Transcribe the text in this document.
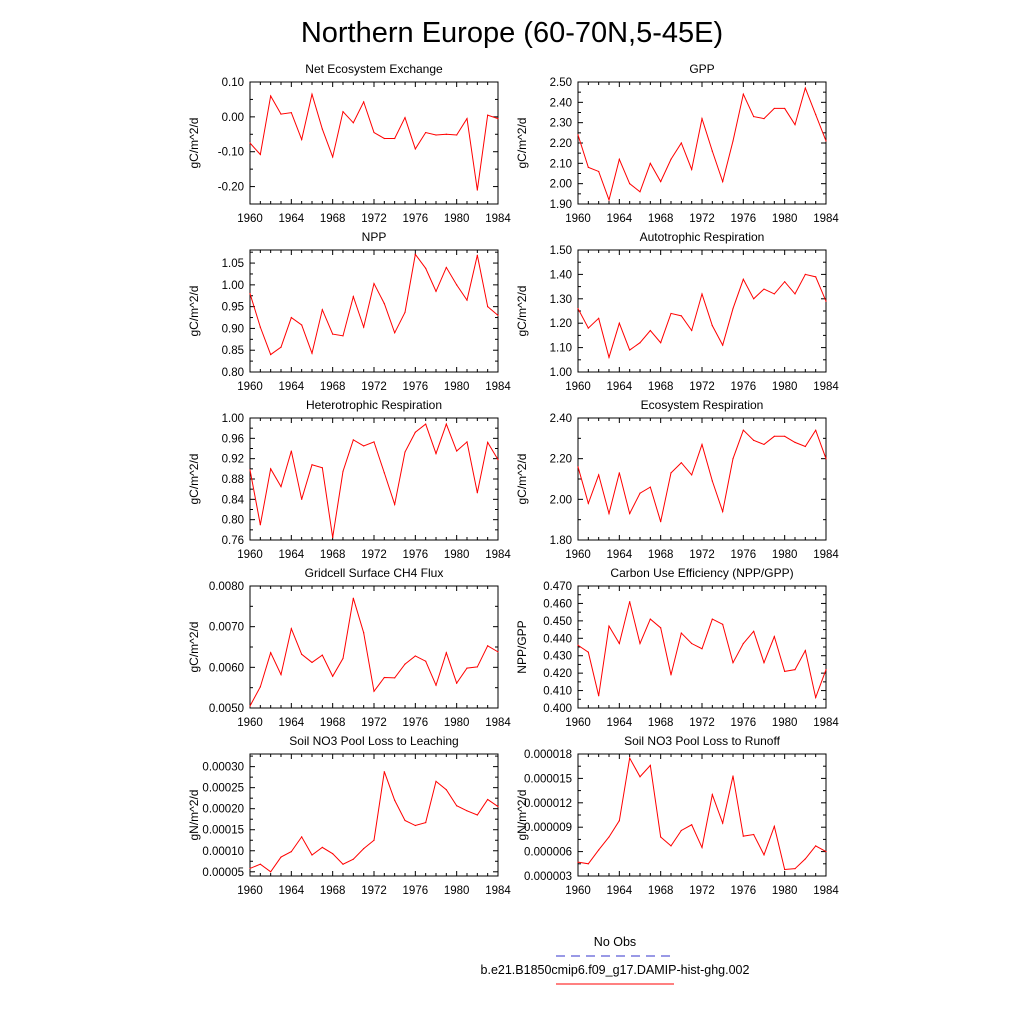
Northern Europe (60-70N,5-45E)
Net Ecosystem Exchange
1960 1964 1968 1972 1976 1980 1984
0.10
0.00
-0.10
-0.20
gC/m^2/d
GPP
1960 1964 1968 1972 1976 1980 1984
2.50
2.40
2.30
2.20
2.10
2.00
1.90
gC/m^2/d
NPP
1960 1964 1968 1972 1976 1980 1984
1.05
1.00
0.95
0.90
0.85
0.80
gC/m^2/d
Autotrophic Respiration
1960 1964 1968 1972 1976 1980 1984
1.50
1.40
1.30
1.20
1.10
1.00
gC/m^2/d
Heterotrophic Respiration
1960 1964 1968 1972 1976 1980 1984
1.00
0.96
0.92
0.88
0.84
0.80
0.76
gC/m^2/d
Ecosystem Respiration
1960 1964 1968 1972 1976 1980 1984
2.40
2.20
2.00
1.80
gC/m^2/d
Gridcell Surface CH4 Flux
1960 1964 1968 1972 1976 1980 1984
0.0080
0.0070
0.0060
0.0050
gC/m^2/d
Carbon Use Efficiency (NPP/GPP)
1960 1964 1968 1972 1976 1980 1984
0.470
0.460
0.450
0.440
0.430
0.420
0.410
0.400
NPP/GPP
Soil NO3 Pool Loss to Leaching
1960 1964 1968 1972 1976 1980 1984
0.00030
0.00025
0.00020
0.00015
0.00010
0.00005
gN/m^2/d
Soil NO3 Pool Loss to Runoff
1960 1964 1968 1972 1976 1980 1984
0.000018
0.000015
0.000012
0.000009
0.000006
0.000003
gN/m^2/d
No Obs
b.e21.B1850cmip6.f09_g17.DAMIP-hist-ghg.002
